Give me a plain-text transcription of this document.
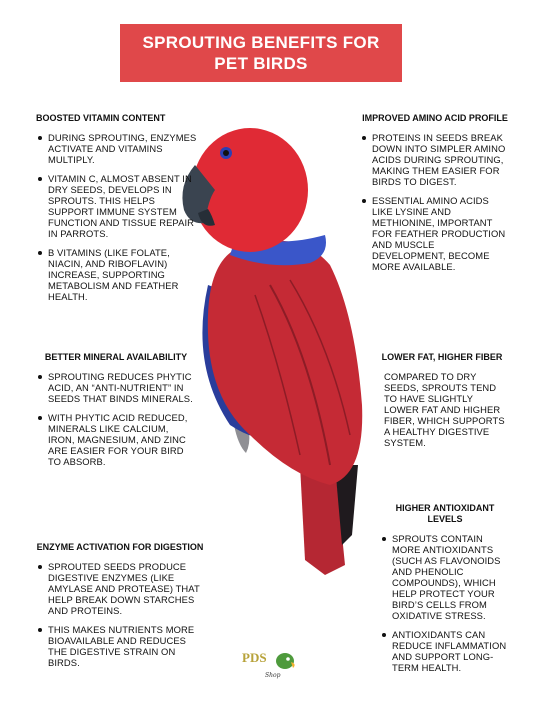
SPROUTING BENEFITS FOR
PET BIRDS
BOOSTED VITAMIN CONTENT
DURING SPROUTING, ENZYMES ACTIVATE AND VITAMINS MULTIPLY.
VITAMIN C, ALMOST ABSENT IN DRY SEEDS, DEVELOPS IN SPROUTS. THIS HELPS SUPPORT IMMUNE SYSTEM FUNCTION AND TISSUE REPAIR IN PARROTS.
B VITAMINS (LIKE FOLATE, NIACIN, AND RIBOFLAVIN) INCREASE, SUPPORTING METABOLISM AND FEATHER HEALTH.
IMPROVED AMINO ACID PROFILE
PROTEINS IN SEEDS BREAK DOWN INTO SIMPLER AMINO ACIDS DURING SPROUTING, MAKING THEM EASIER FOR BIRDS TO DIGEST.
ESSENTIAL AMINO ACIDS LIKE LYSINE AND METHIONINE, IMPORTANT FOR FEATHER PRODUCTION AND MUSCLE DEVELOPMENT, BECOME MORE AVAILABLE.
BETTER MINERAL AVAILABILITY
SPROUTING REDUCES PHYTIC ACID, AN “ANTI-NUTRIENT” IN SEEDS THAT BINDS MINERALS.
WITH PHYTIC ACID REDUCED, MINERALS LIKE CALCIUM, IRON, MAGNESIUM, AND ZINC ARE EASIER FOR YOUR BIRD TO ABSORB.
LOWER FAT, HIGHER FIBER

COMPARED TO DRY SEEDS, SPROUTS TEND TO HAVE SLIGHTLY LOWER FAT AND HIGHER FIBER, WHICH SUPPORTS A HEALTHY DIGESTIVE SYSTEM.

HIGHER ANTIOXIDANT LEVELS
SPROUTS CONTAIN MORE ANTIOXIDANTS (SUCH AS FLAVONOIDS AND PHENOLIC COMPOUNDS), WHICH HELP PROTECT YOUR BIRD’S CELLS FROM OXIDATIVE STRESS.
ANTIOXIDANTS CAN REDUCE INFLAMMATION AND SUPPORT LONG-TERM HEALTH.
ENZYME ACTIVATION FOR DIGESTION
SPROUTED SEEDS PRODUCE DIGESTIVE ENZYMES (LIKE AMYLASE AND PROTEASE) THAT HELP BREAK DOWN STARCHES AND PROTEINS.
THIS MAKES NUTRIENTS MORE BIOAVAILABLE AND REDUCES THE DIGESTIVE STRAIN ON BIRDS.	PDS
Shop
